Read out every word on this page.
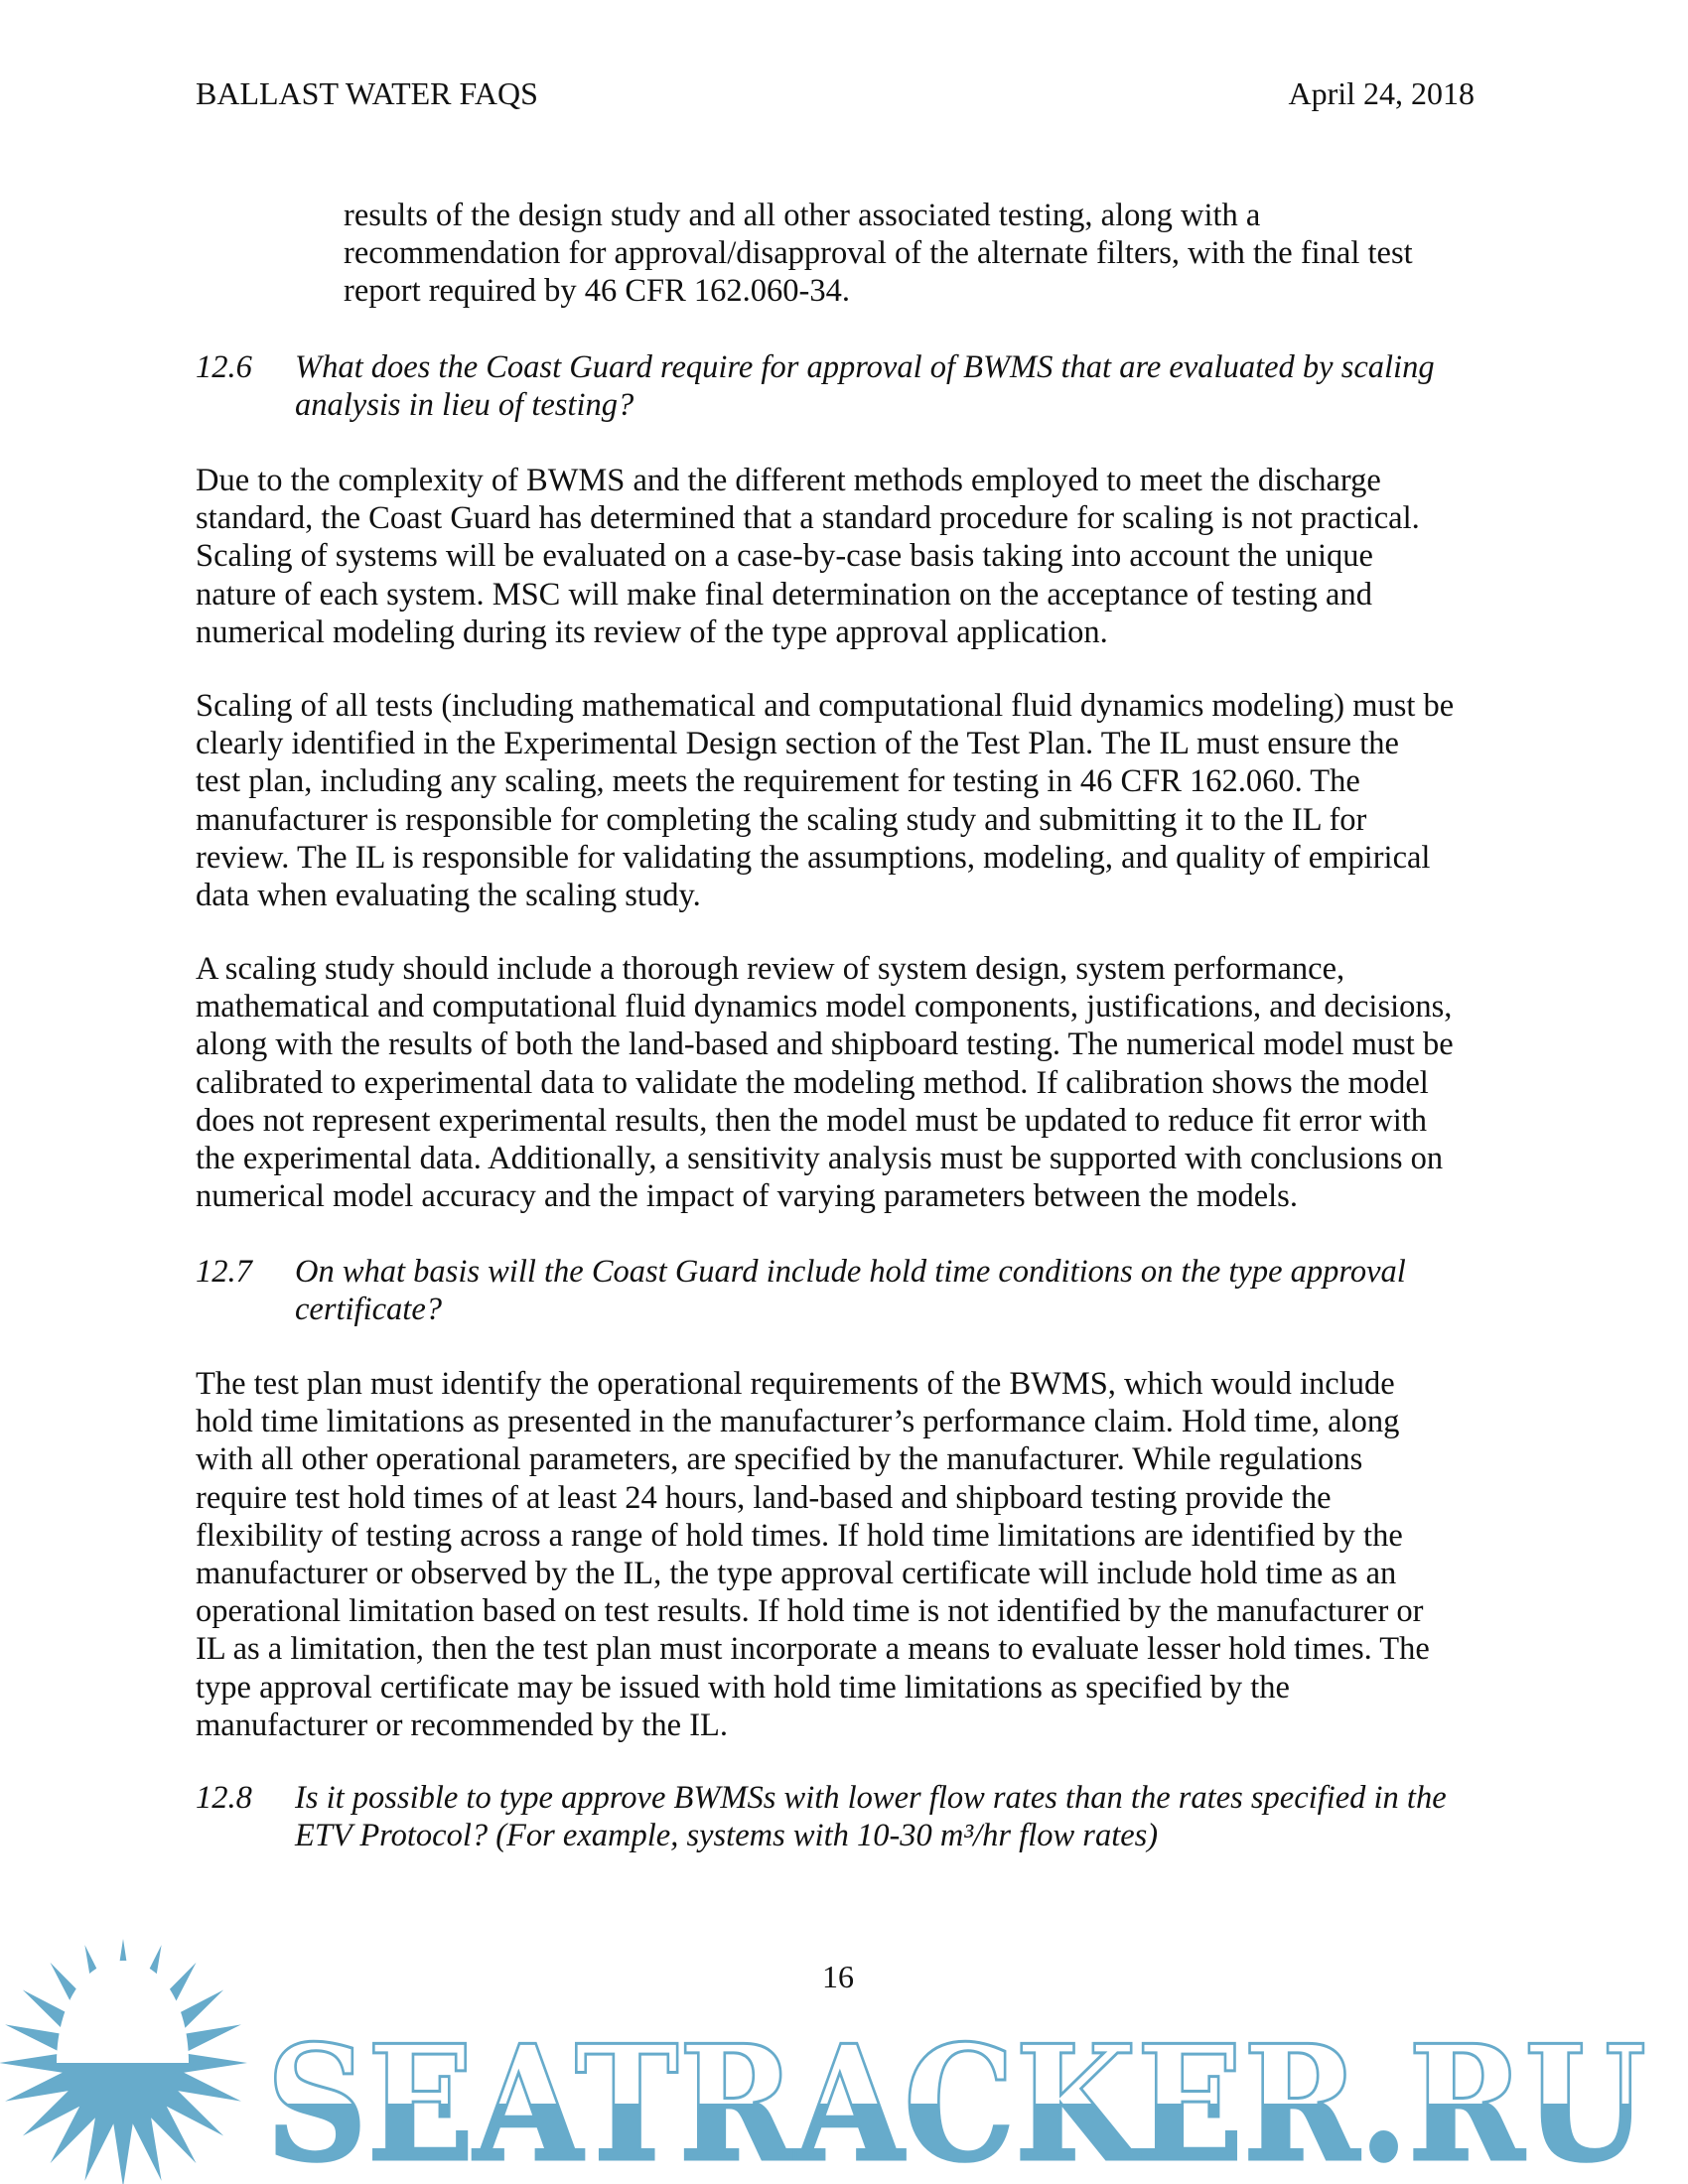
BALLAST WATER FAQS	April 24, 2018
results of the design study and all other associated testing, along with a
recommendation for approval/disapproval of the alternate filters, with the final test
report required by 46 CFR 162.060-34.
12.6 What does the Coast Guard require for approval of BWMS that are evaluated by scaling
analysis in lieu of testing?
Due to the complexity of BWMS and the different methods employed to meet the discharge
standard, the Coast Guard has determined that a standard procedure for scaling is not practical.
Scaling of systems will be evaluated on a case-by-case basis taking into account the unique
nature of each system. MSC will make final determination on the acceptance of testing and
numerical modeling during its review of the type approval application.
Scaling of all tests (including mathematical and computational fluid dynamics modeling) must be
clearly identified in the Experimental Design section of the Test Plan. The IL must ensure the
test plan, including any scaling, meets the requirement for testing in 46 CFR 162.060. The
manufacturer is responsible for completing the scaling study and submitting it to the IL for
review. The IL is responsible for validating the assumptions, modeling, and quality of empirical
data when evaluating the scaling study.
A scaling study should include a thorough review of system design, system performance,
mathematical and computational fluid dynamics model components, justifications, and decisions,
along with the results of both the land-based and shipboard testing. The numerical model must be
calibrated to experimental data to validate the modeling method. If calibration shows the model
does not represent experimental results, then the model must be updated to reduce fit error with
the experimental data. Additionally, a sensitivity analysis must be supported with conclusions on
numerical model accuracy and the impact of varying parameters between the models.
12.7 On what basis will the Coast Guard include hold time conditions on the type approval
certificate?
The test plan must identify the operational requirements of the BWMS, which would include
hold time limitations as presented in the manufacturer’s performance claim. Hold time, along
with all other operational parameters, are specified by the manufacturer. While regulations
require test hold times of at least 24 hours, land-based and shipboard testing provide the
flexibility of testing across a range of hold times. If hold time limitations are identified by the
manufacturer or observed by the IL, the type approval certificate will include hold time as an
operational limitation based on test results. If hold time is not identified by the manufacturer or
IL as a limitation, then the test plan must incorporate a means to evaluate lesser hold times. The
type approval certificate may be issued with hold time limitations as specified by the
manufacturer or recommended by the IL.
12.8 Is it possible to type approve BWMSs with lower flow rates than the rates specified in the
ETV Protocol? (For example, systems with 10-30 m³/hr flow rates)
SEATRACKER.RU
16
